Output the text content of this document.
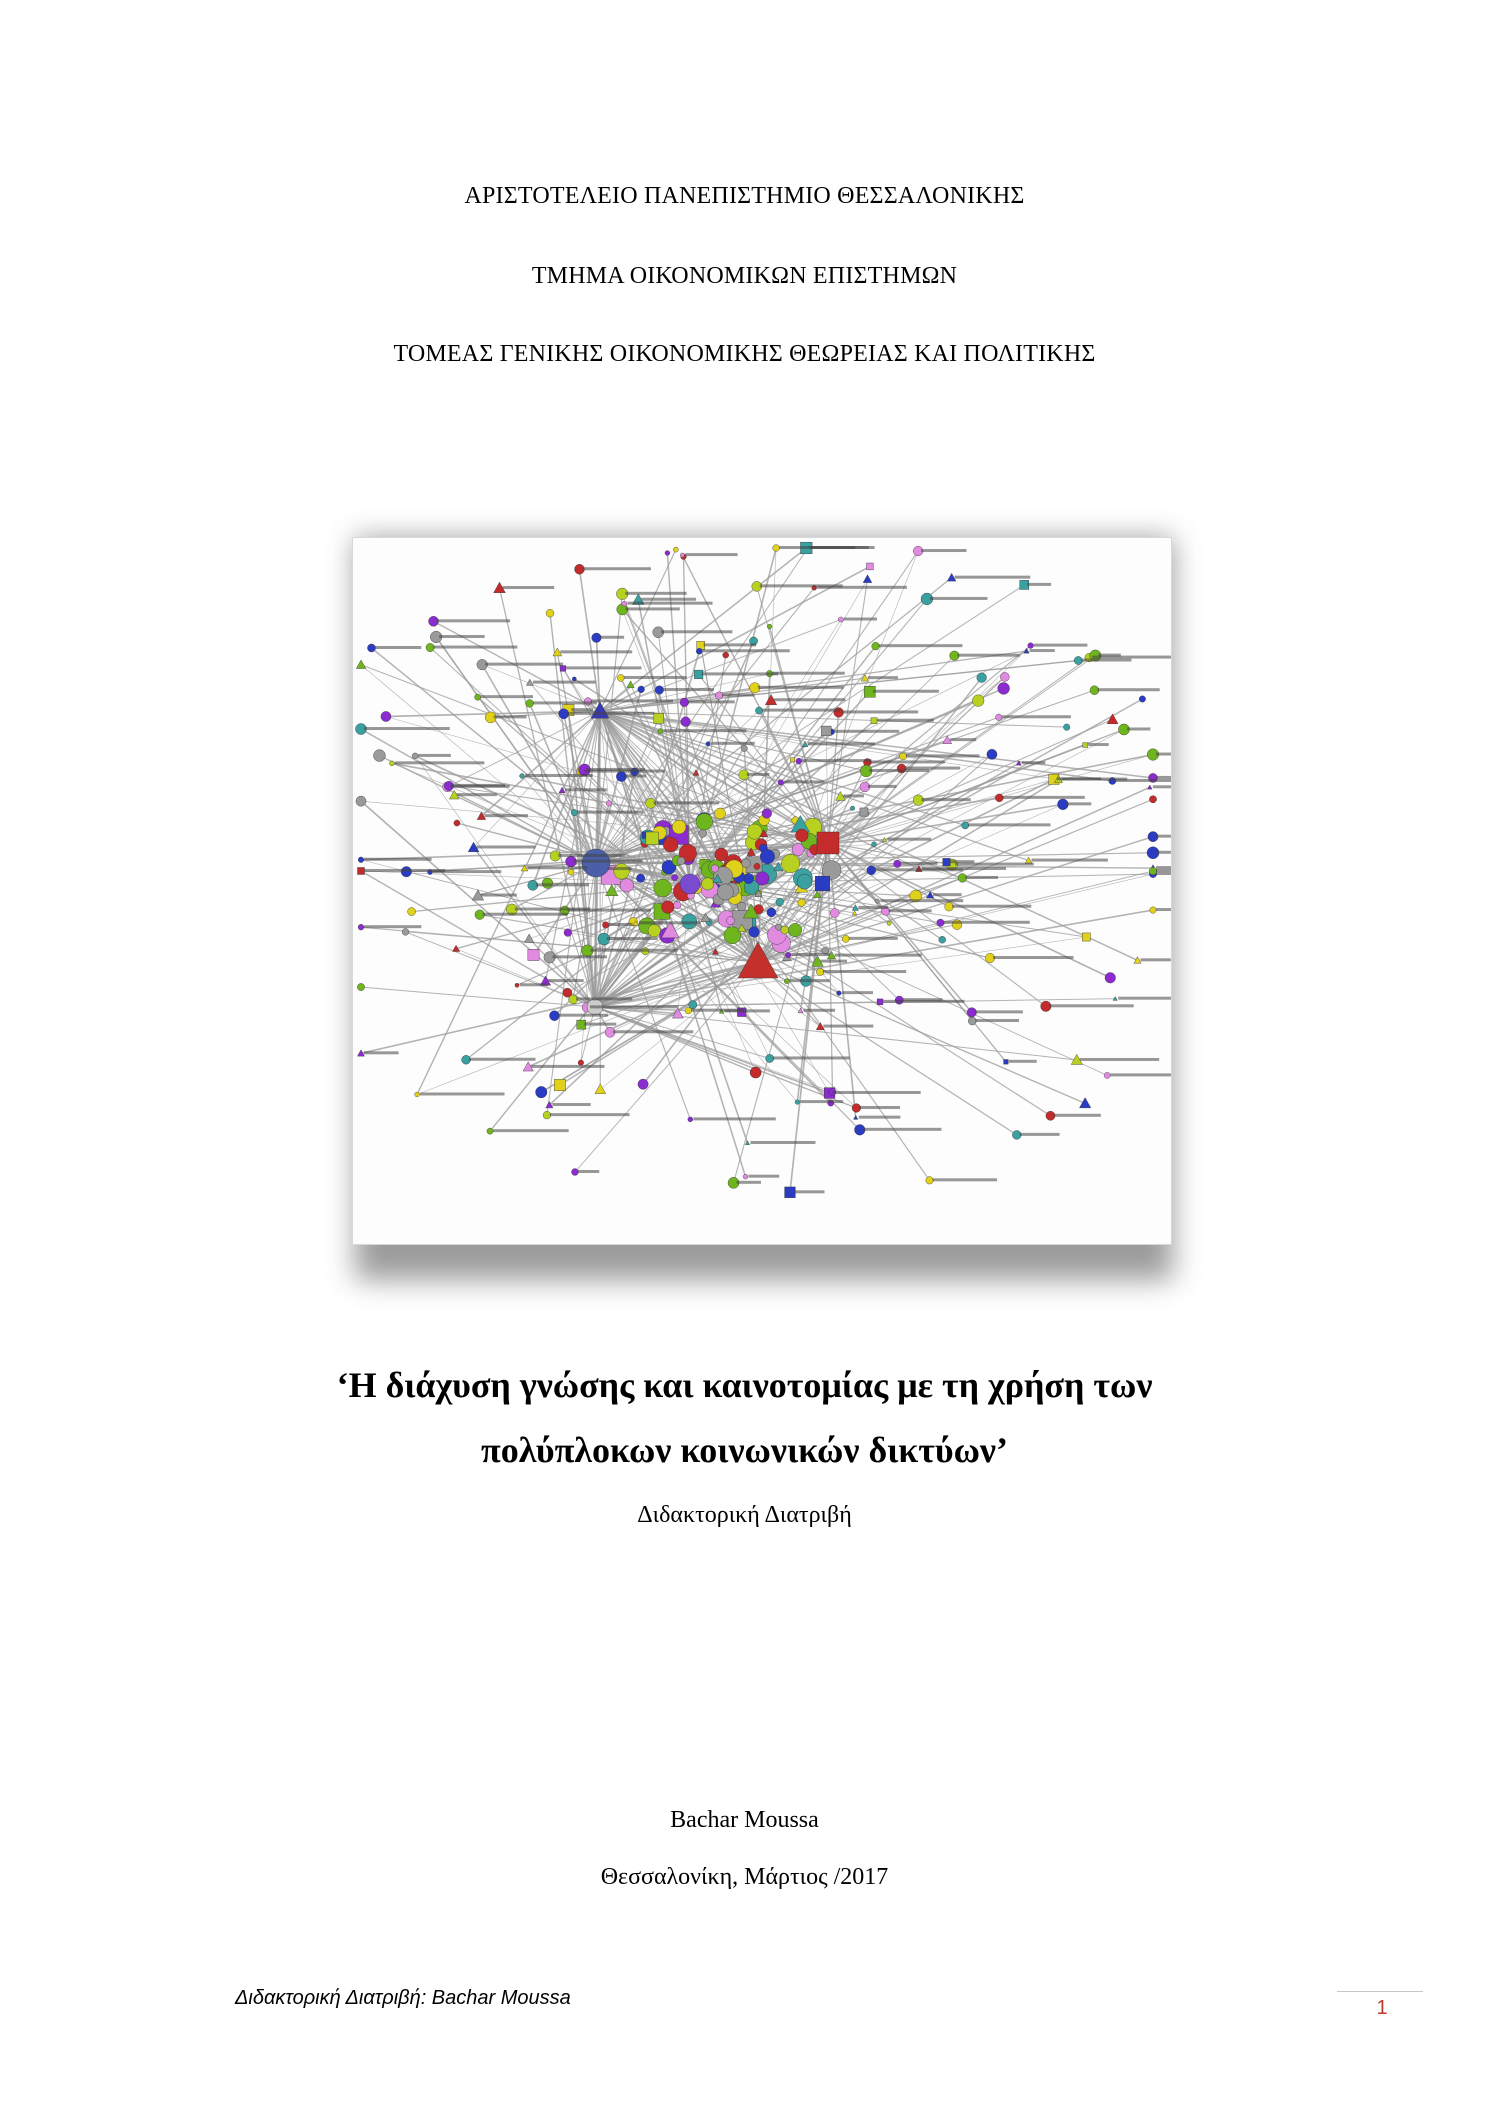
ΑΡΙΣΤΟΤΕΛΕΙΟ ΠΑΝΕΠΙΣΤΗΜΙΟ ΘΕΣΣΑΛΟΝΙΚΗΣ
ΤΜΗΜΑ ΟΙΚΟΝΟΜΙΚΩΝ ΕΠΙΣΤΗΜΩΝ
ΤΟΜΕΑΣ ΓΕΝΙΚΗΣ ΟΙΚΟΝΟΜΙΚΗΣ ΘΕΩΡΕΙΑΣ ΚΑΙ ΠΟΛΙΤΙΚΗΣ
‘Η διάχυση γνώσης και καινοτομίας με τη χρήση των
πολύπλοκων κοινωνικών δικτύων’
Διδακτορική Διατριβή
Bachar Moussa
Θεσσαλονίκη, Μάρτιος /2017
Διδακτορική Διατριβή: Bachar Moussa	1
